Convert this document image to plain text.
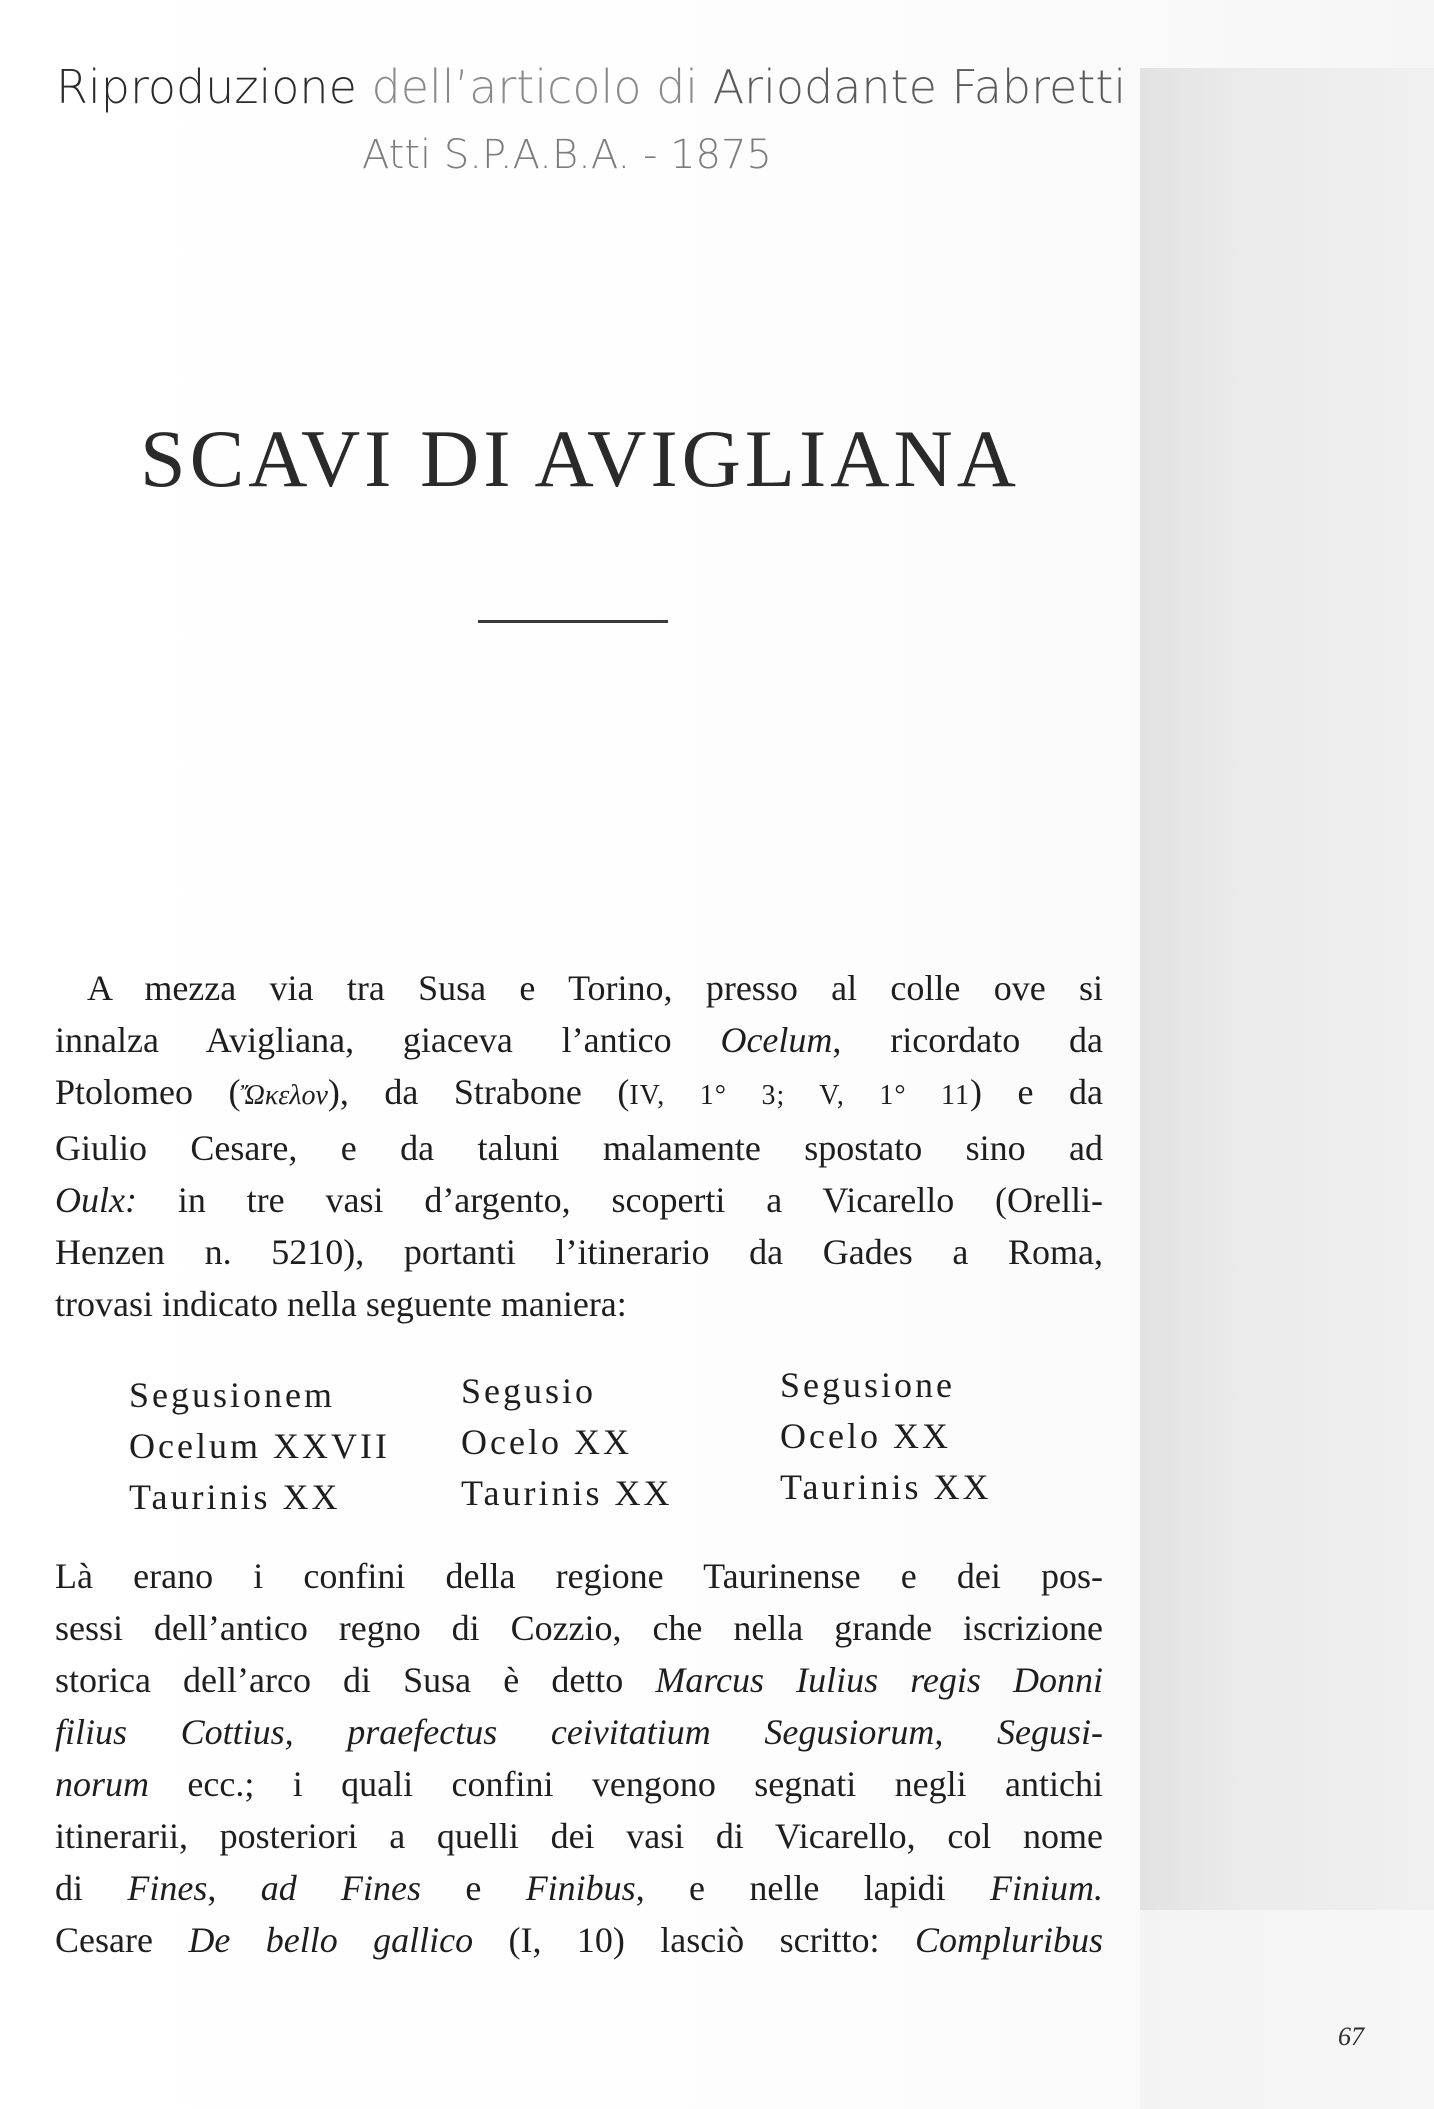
Riproduzione dell’articolo di Ariodante Fabretti
Atti S.P.A.B.A. - 1875
SCAVI DI AVIGLIANA

A mezza via tra Susa e Torino, presso al colle ove si

innalza Avigliana, giaceva l’antico Ocelum, ricordato da

Ptolomeo (Ὤκελον), da Strabone (IV, 1° 3; V, 1° 11) e da

Giulio Cesare, e da taluni malamente spostato sino ad

Oulx: in tre vasi d’argento, scoperti a Vicarello (Orelli-

Henzen n. 5210), portanti l’itinerario da Gades a Roma,

trovasi indicato nella seguente maniera:

Segusionem
Ocelum XXVII
Taurinis XX
Segusio
Ocelo XX
Taurinis XX
Segusione
Ocelo XX
Taurinis XX

Là erano i confini della regione Taurinense e dei pos-

sessi dell’antico regno di Cozzio, che nella grande iscrizione

storica dell’arco di Susa è detto Marcus Iulius regis Donni

filius Cottius, praefectus ceivitatium Segusiorum, Segusi-

norum ecc.; i quali confini vengono segnati negli antichi

itinerarii, posteriori a quelli dei vasi di Vicarello, col nome

di Fines, ad Fines e Finibus, e nelle lapidi Finium.

Cesare De bello gallico (I, 10) lasciò scritto: Compluribus

67
